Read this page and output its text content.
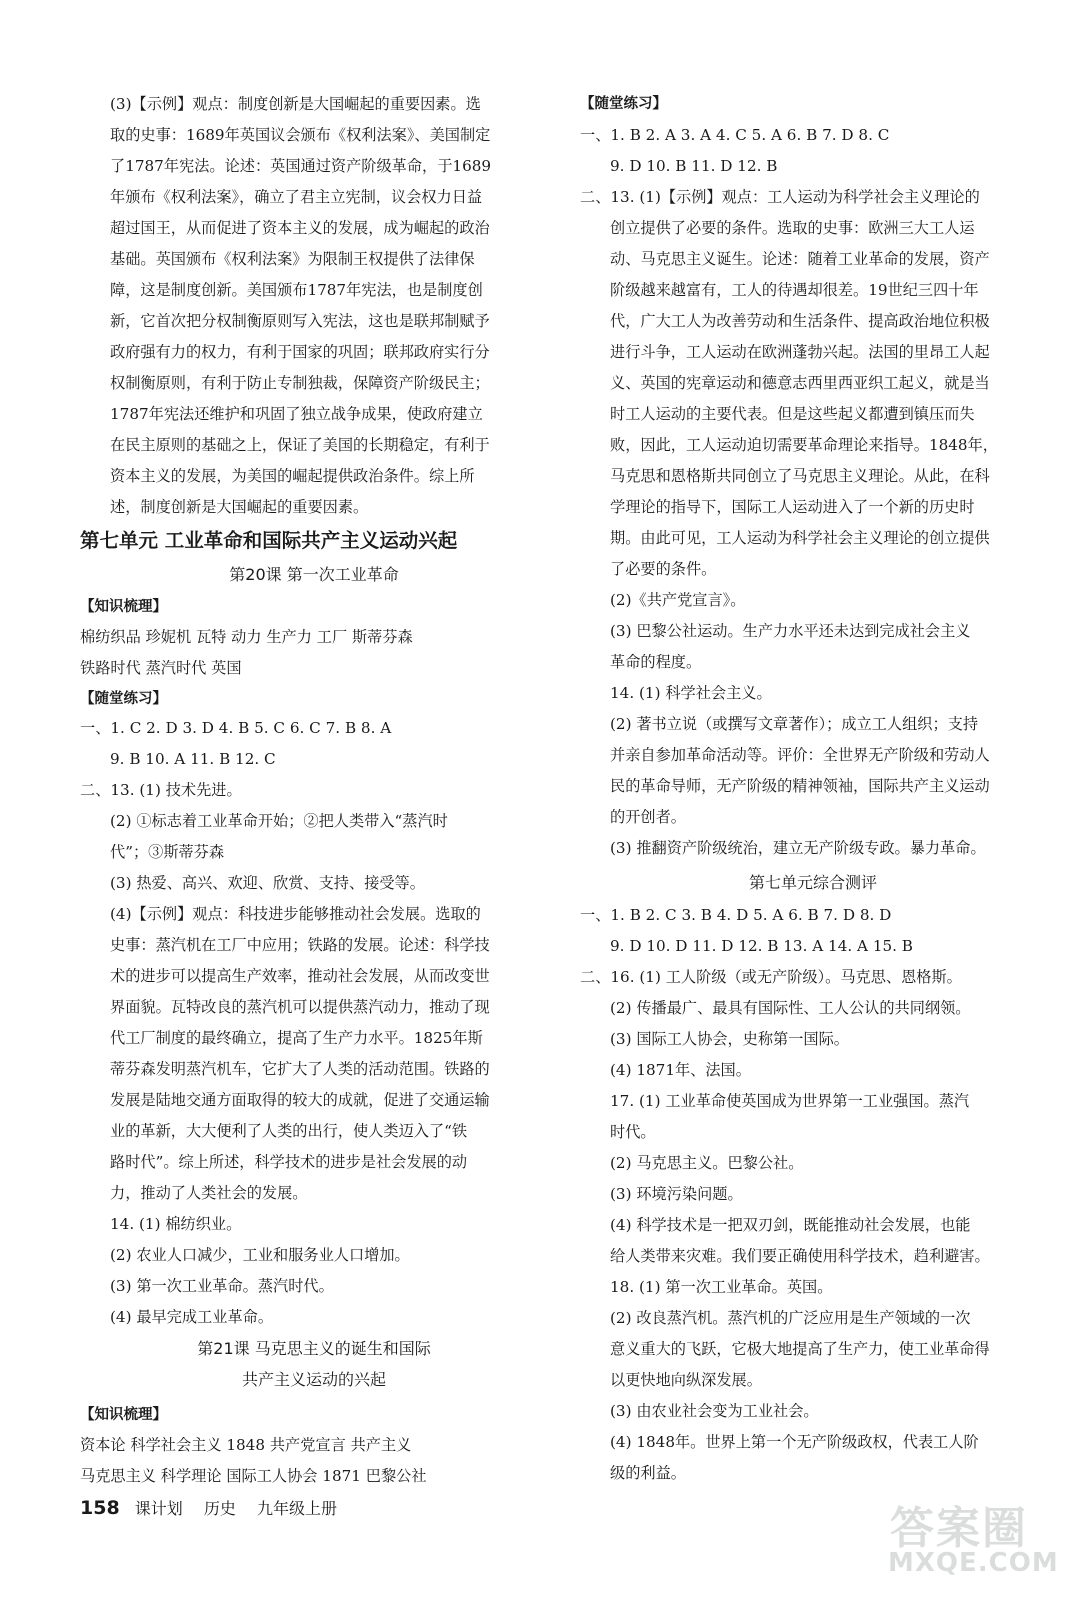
(3)【示例】观点：制度创新是大国崛起的重要因素。选
取的史事：1689年英国议会颁布《权利法案》、美国制定
了1787年宪法。论述：英国通过资产阶级革命，于1689
年颁布《权利法案》，确立了君主立宪制，议会权力日益
超过国王，从而促进了资本主义的发展，成为崛起的政治
基础。英国颁布《权利法案》为限制王权提供了法律保
障，这是制度创新。美国颁布1787年宪法，也是制度创
新，它首次把分权制衡原则写入宪法，这也是联邦制赋予
政府强有力的权力，有利于国家的巩固；联邦政府实行分
权制衡原则，有利于防止专制独裁，保障资产阶级民主；
1787年宪法还维护和巩固了独立战争成果，使政府建立
在民主原则的基础之上，保证了美国的长期稳定，有利于
资本主义的发展，为美国的崛起提供政治条件。综上所
述，制度创新是大国崛起的重要因素。
第七单元 工业革命和国际共产主义运动兴起
第20课 第一次工业革命
【知识梳理】
棉纺织品 珍妮机 瓦特 动力 生产力 工厂 斯蒂芬森
铁路时代 蒸汽时代 英国
【随堂练习】
一、1. C 2. D 3. D 4. B 5. C 6. C 7. B 8. A
9. B 10. A 11. B 12. C
二、13. (1) 技术先进。
(2) ①标志着工业革命开始；②把人类带入“蒸汽时
代”；③斯蒂芬森
(3) 热爱、高兴、欢迎、欣赏、支持、接受等。
(4)【示例】观点：科技进步能够推动社会发展。选取的
史事：蒸汽机在工厂中应用；铁路的发展。论述：科学技
术的进步可以提高生产效率，推动社会发展，从而改变世
界面貌。瓦特改良的蒸汽机可以提供蒸汽动力，推动了现
代工厂制度的最终确立，提高了生产力水平。1825年斯
蒂芬森发明蒸汽机车，它扩大了人类的活动范围。铁路的
发展是陆地交通方面取得的较大的成就，促进了交通运输
业的革新，大大便利了人类的出行，使人类迈入了“铁
路时代”。综上所述，科学技术的进步是社会发展的动
力，推动了人类社会的发展。
14. (1) 棉纺织业。
(2) 农业人口减少，工业和服务业人口增加。
(3) 第一次工业革命。蒸汽时代。
(4) 最早完成工业革命。
第21课 马克思主义的诞生和国际
共产主义运动的兴起
【知识梳理】
资本论 科学社会主义 1848 共产党宣言 共产主义
马克思主义 科学理论 国际工人协会 1871 巴黎公社
【随堂练习】
一、1. B 2. A 3. A 4. C 5. A 6. B 7. D 8. C
9. D 10. B 11. D 12. B
二、13. (1)【示例】观点：工人运动为科学社会主义理论的
创立提供了必要的条件。选取的史事：欧洲三大工人运
动、马克思主义诞生。论述：随着工业革命的发展，资产
阶级越来越富有，工人的待遇却很差。19世纪三四十年
代，广大工人为改善劳动和生活条件、提高政治地位积极
进行斗争，工人运动在欧洲蓬勃兴起。法国的里昂工人起
义、英国的宪章运动和德意志西里西亚织工起义，就是当
时工人运动的主要代表。但是这些起义都遭到镇压而失
败，因此，工人运动迫切需要革命理论来指导。1848年，
马克思和恩格斯共同创立了马克思主义理论。从此，在科
学理论的指导下，国际工人运动进入了一个新的历史时
期。由此可见，工人运动为科学社会主义理论的创立提供
了必要的条件。
(2)《共产党宣言》。
(3) 巴黎公社运动。生产力水平还未达到完成社会主义
革命的程度。
14. (1) 科学社会主义。
(2) 著书立说（或撰写文章著作）；成立工人组织；支持
并亲自参加革命活动等。评价：全世界无产阶级和劳动人
民的革命导师，无产阶级的精神领袖，国际共产主义运动
的开创者。
(3) 推翻资产阶级统治，建立无产阶级专政。暴力革命。
第七单元综合测评
一、1. B 2. C 3. B 4. D 5. A 6. B 7. D 8. D
9. D 10. D 11. D 12. B 13. A 14. A 15. B
二、16. (1) 工人阶级（或无产阶级）。马克思、恩格斯。
(2) 传播最广、最具有国际性、工人公认的共同纲领。
(3) 国际工人协会，史称第一国际。
(4) 1871年、法国。
17. (1) 工业革命使英国成为世界第一工业强国。蒸汽
时代。
(2) 马克思主义。巴黎公社。
(3) 环境污染问题。
(4) 科学技术是一把双刃剑，既能推动社会发展，也能
给人类带来灾难。我们要正确使用科学技术，趋利避害。
18. (1) 第一次工业革命。英国。
(2) 改良蒸汽机。蒸汽机的广泛应用是生产领域的一次
意义重大的飞跃，它极大地提高了生产力，使工业革命得
以更快地向纵深发展。
(3) 由农业社会变为工业社会。
(4) 1848年。世界上第一个无产阶级政权，代表工人阶
级的利益。
158 课计划 历史 九年级上册	答案圈
MXQE.COM
